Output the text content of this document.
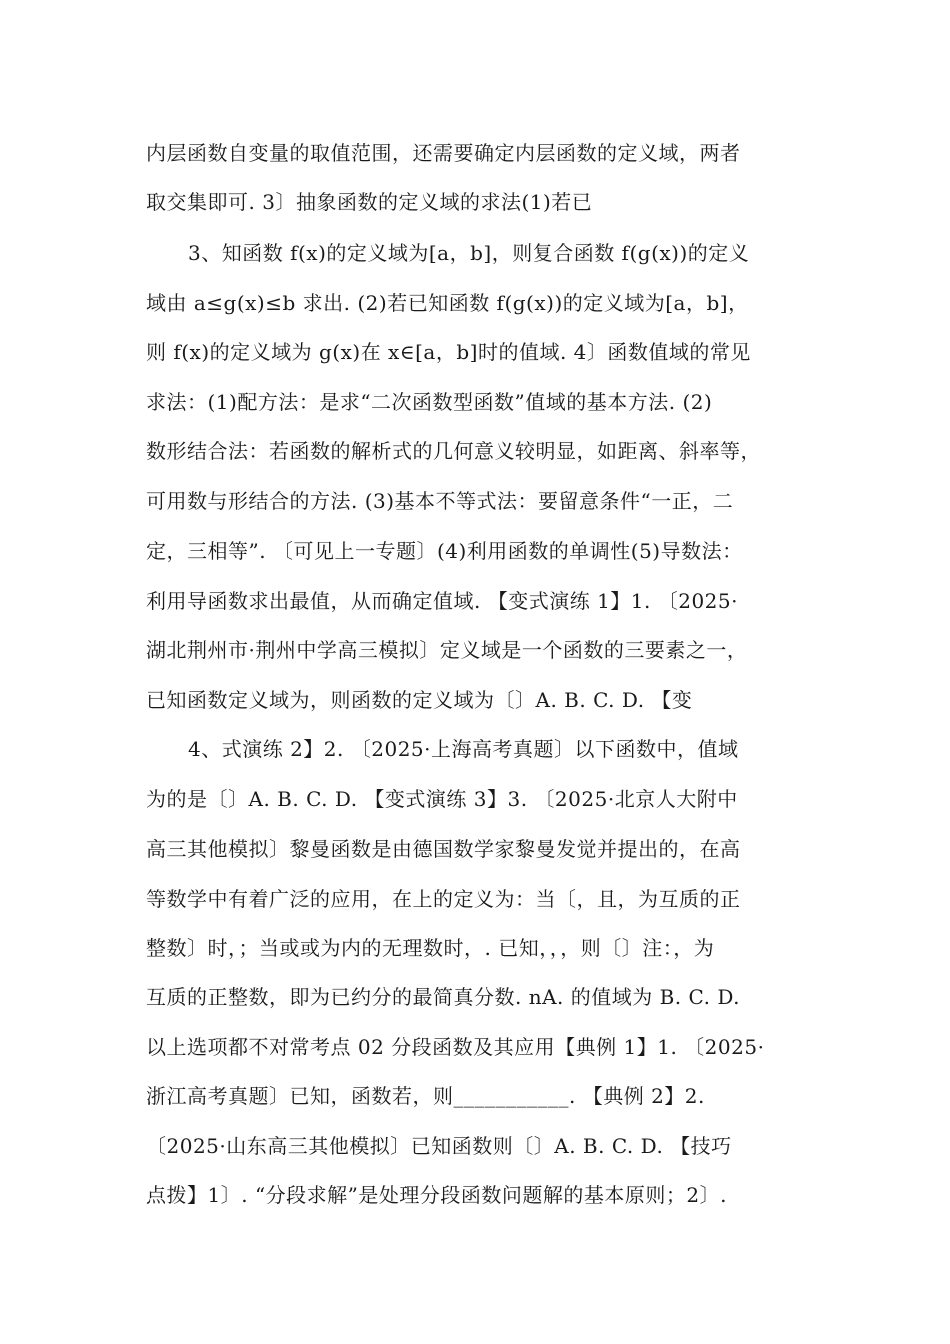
内层函数自变量的取值范围，还需要确定内层函数的定义域，两者
取交集即可. 3〕抽象函数的定义域的求法(1)若已
3、知函数 f(x)的定义域为[a，b]，则复合函数 f(g(x))的定义
域由 a≤g(x)≤b 求出. (2)若已知函数 f(g(x))的定义域为[a，b]，
则 f(x)的定义域为 g(x)在 x∈[a，b]时的值域. 4〕函数值域的常见
求法：(1)配方法：是求“二次函数型函数”值域的基本方法. (2)
数形结合法：若函数的解析式的几何意义较明显，如距离、斜率等，
可用数与形结合的方法. (3)基本不等式法：要留意条件“一正，二
定，三相等”. 〔可见上一专题〕(4)利用函数的单调性(5)导数法：
利用导函数求出最值，从而确定值域. 【变式演练 1】1. 〔2025·
湖北荆州市·荆州中学高三模拟〕定义域是一个函数的三要素之一，
已知函数定义域为，则函数的定义域为〔〕A. B. C. D. 【变
4、式演练 2】2. 〔2025·上海高考真题〕以下函数中，值域
为的是〔〕A. B. C. D. 【变式演练 3】3. 〔2025·北京人大附中
高三其他模拟〕黎曼函数是由德国数学家黎曼发觉并提出的，在高
等数学中有着广泛的应用，在上的定义为：当〔，且，为互质的正
整数〕时，；当或或为内的无理数时，. 已知，，，则〔〕注：，为
互质的正整数，即为已约分的最简真分数. nA. 的值域为 B. C. D.
以上选项都不对常考点 02 分段函数及其应用【典例 1】1. 〔2025·
浙江高考真题〕已知，函数若，则___________. 【典例 2】2.
〔2025·山东高三其他模拟〕已知函数则〔〕A. B. C. D. 【技巧
点拨】1〕. “分段求解”是处理分段函数问题解的基本原则；2〕.
